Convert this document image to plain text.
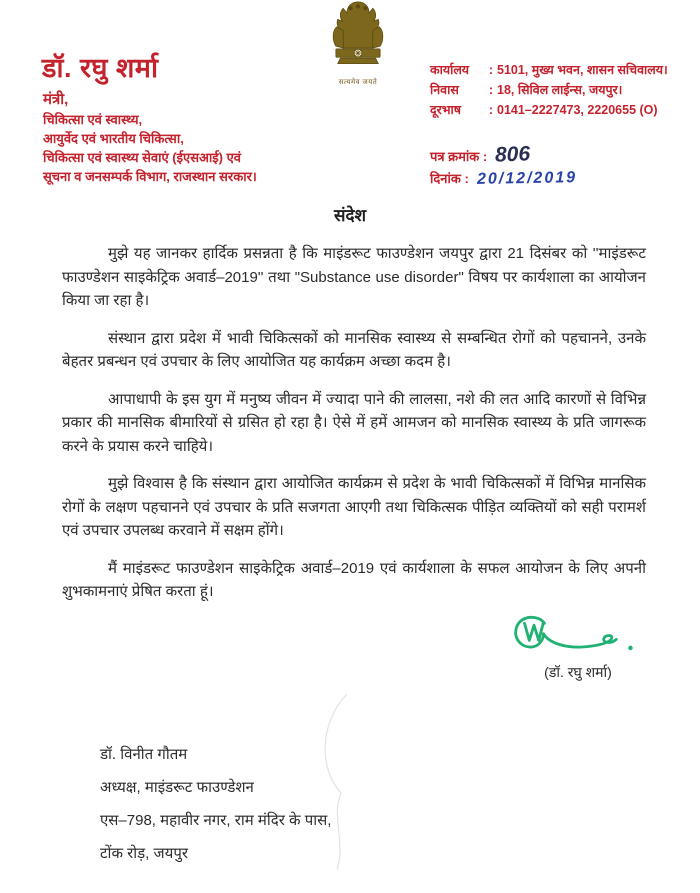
डॉ. रघु शर्मा
मंत्री,
चिकित्सा एवं स्वास्थ्य,
आयुर्वेद एवं भारतीय चिकित्सा,
चिकित्सा एवं स्वास्थ्य सेवाएं (ईएसआई) एवं
सूचना व जनसम्पर्क विभाग, राजस्थान सरकार।
सत्यमेव जयते
कार्यालय	: 5101, मुख्य भवन, शासन सचिवालय।
निवास	: 18, सिविल लाईन्स, जयपुर।
दूरभाष	: 0141–2227473, 2220655 (O)
पत्र क्रमांक : 806
दिनांक : 20/12/2019
संदेश

मुझे यह जानकर हार्दिक प्रसन्नता है कि माइंडरूट फाउण्डेशन जयपुर द्वारा 21 दिसंबर को ''माइंडरूट फाउण्डेशन साइकेट्रिक अवार्ड–2019'' तथा "Substance use disorder" विषय पर कार्यशाला का आयोजन किया जा रहा है।

संस्थान द्वारा प्रदेश में भावी चिकित्सकों को मानसिक स्वास्थ्य से सम्बन्धित रोगों को पहचानने, उनके बेहतर प्रबन्धन एवं उपचार के लिए आयोजित यह कार्यक्रम अच्छा कदम है।

आपाधापी के इस युग में मनुष्य जीवन में ज्यादा पाने की लालसा, नशे की लत आदि कारणों से विभिन्न प्रकार की मानसिक बीमारियों से ग्रसित हो रहा है। ऐसे में हमें आमजन को मानसिक स्वास्थ्य के प्रति जागरूक करने के प्रयास करने चाहिये।

मुझे विश्वास है कि संस्थान द्वारा आयोजित कार्यक्रम से प्रदेश के भावी चिकित्सकों में विभिन्न मानसिक रोगों के लक्षण पहचानने एवं उपचार के प्रति सजगता आएगी तथा चिकित्सक पीड़ित व्यक्तियों को सही परामर्श एवं उपचार उपलब्ध करवाने में सक्षम होंगे।

मैं माइंडरूट फाउण्डेशन साइकेट्रिक अवार्ड–2019 एवं कार्यशाला के सफल आयोजन के लिए अपनी शुभकामनाएं प्रेषित करता हूं।

(डॉ. रघु शर्मा)
डॉ. विनीत गौतम
अध्यक्ष, माइंडरूट फाउण्डेशन
एस–798, महावीर नगर, राम मंदिर के पास,
टोंक रोड़, जयपुर
